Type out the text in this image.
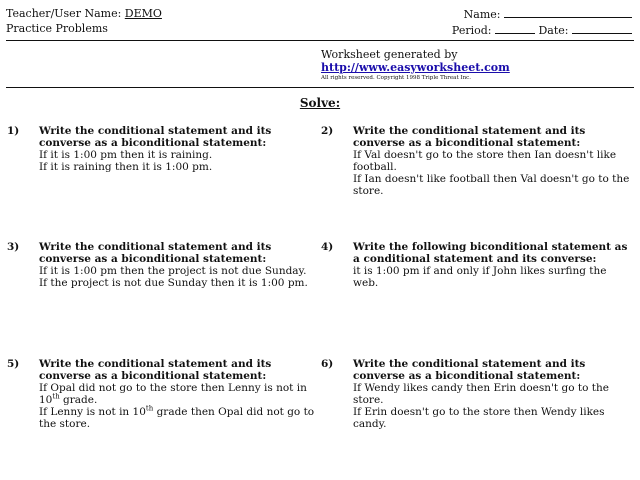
Teacher/User Name: DEMO
Practice Problems
Name:
Period:	Date:
Worksheet generated by
http://www.easyworksheet.com
All rights reserved. Copyright 1998 Triple Threat Inc.
Solve:
1) Write the conditional statement and its converse as a biconditional statement:
If it is 1:00 pm then it is raining.
If it is raining then it is 1:00 pm.
2) Write the conditional statement and its converse as a biconditional statement:
If Val doesn't go to the store then Ian doesn't like football.
If Ian doesn't like football then Val doesn't go to the store.
3) Write the conditional statement and its converse as a biconditional statement:
If it is 1:00 pm then the project is not due Sunday.
If the project is not due Sunday then it is 1:00 pm.
4) Write the following biconditional statement as a conditional statement and its converse:
it is 1:00 pm if and only if John likes surfing the web.
5) Write the conditional statement and its converse as a biconditional statement:
If Opal did not go to the store then Lenny is not in 10th grade.
If Lenny is not in 10th grade then Opal did not go to the store.
6) Write the conditional statement and its converse as a biconditional statement:
If Wendy likes candy then Erin doesn't go to the store.
If Erin doesn't go to the store then Wendy likes candy.
